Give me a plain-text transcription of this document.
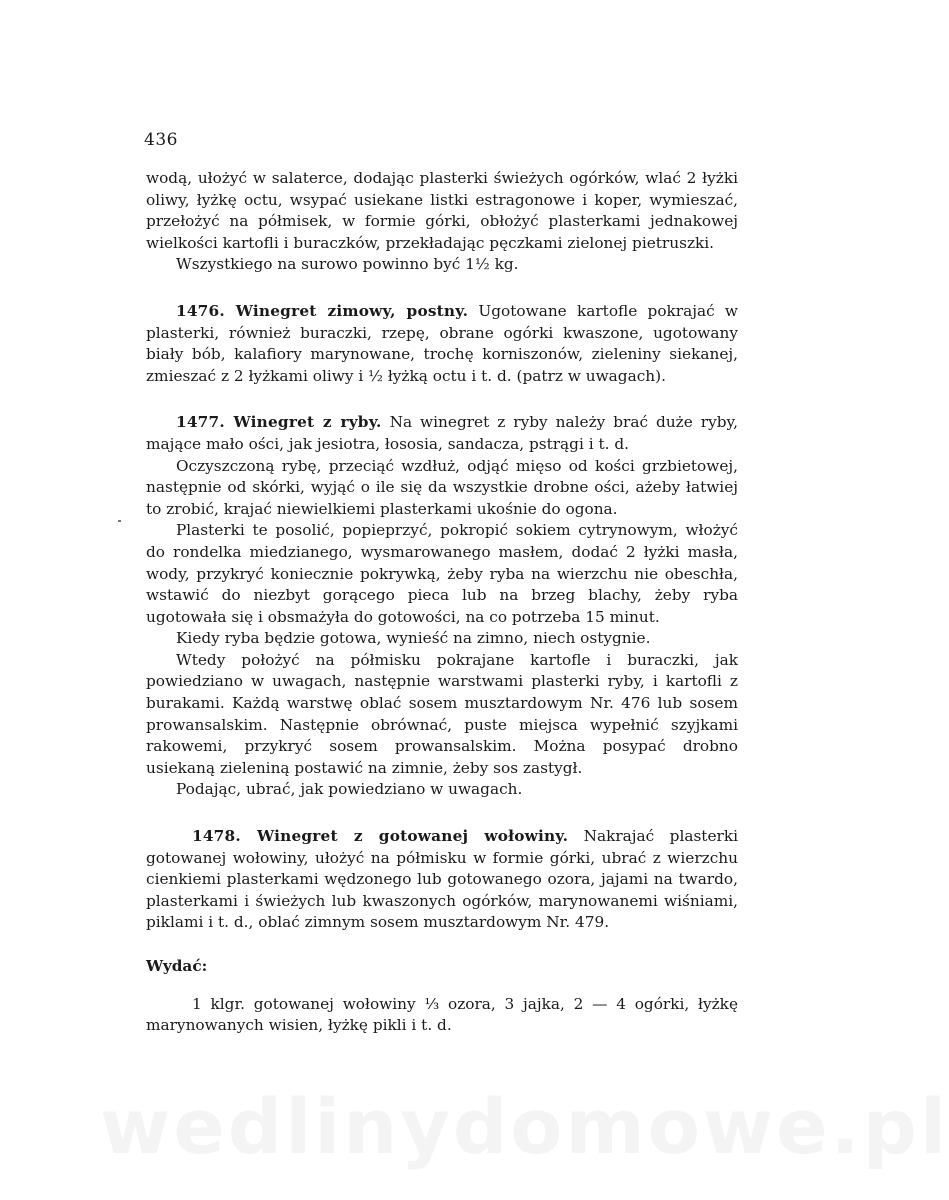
436

wodą, ułożyć w salaterce, dodając plasterki świeżych ogórków, wlać 2 łyżki oliwy, łyżkę octu, wsypać usiekane listki estragonowe i koper, wymieszać, przełożyć na półmisek, w formie górki, obłożyć plasterkami jednakowej wielkości kartofli i buraczków, przekładając pęczkami zielonej pietruszki.

Wszystkiego na surowo powinno być 1½ kg.

1476. Winegret zimowy, postny. Ugotowane kartofle pokrajać w plasterki, również buraczki, rzepę, obrane ogórki kwaszone, ugotowany biały bób, kalafiory marynowane, trochę korniszonów, zieleniny siekanej, zmieszać z 2 łyżkami oliwy i ½ łyżką octu i t. d. (patrz w uwagach).

1477. Winegret z ryby. Na winegret z ryby należy brać duże ryby, mające mało ości, jak jesiotra, łososia, sandacza, pstrągi i t. d.

Oczyszczoną rybę, przeciąć wzdłuż, odjąć mięso od kości grzbietowej, następnie od skórki, wyjąć o ile się da wszystkie drobne ości, ażeby łatwiej to zrobić, krajać niewielkiemi plasterkami ukośnie do ogona.

Plasterki te posolić, popieprzyć, pokropić sokiem cytrynowym, włożyć do rondelka miedzianego, wysmarowanego masłem, dodać 2 łyżki masła, wody, przykryć koniecznie pokrywką, żeby ryba na wierzchu nie obeschła, wstawić do niezbyt gorącego pieca lub na brzeg blachy, żeby ryba ugotowała się i obsmażyła do gotowości, na co potrzeba 15 minut.

Kiedy ryba będzie gotowa, wynieść na zimno, niech ostygnie.

Wtedy położyć na półmisku pokrajane kartofle i buraczki, jak powiedziano w uwagach, następnie warstwami plasterki ryby, i kartofli z burakami. Każdą warstwę oblać sosem musztardowym Nr. 476 lub sosem prowansalskim. Następnie obrównać, puste miejsca wypełnić szyjkami rakowemi, przykryć sosem prowansalskim. Można posypać drobno usiekaną zieleniną postawić na zimnie, żeby sos zastygł.

Podając, ubrać, jak powiedziano w uwagach.

1478. Winegret z gotowanej wołowiny. Nakrajać plasterki gotowanej wołowiny, ułożyć na półmisku w formie górki, ubrać z wierzchu cienkiemi plasterkami wędzonego lub gotowanego ozora, jajami na twardo, plasterkami i świeżych lub kwaszonych ogórków, marynowanemi wiśniami, piklami i t. d., oblać zimnym sosem musztardowym Nr. 479.

Wydać:

1 klgr. gotowanej wołowiny ⅓ ozora, 3 jajka, 2 — 4 ogórki, łyżkę marynowanych wisien, łyżkę pikli i t. d.

wedlinydomowe.pl
